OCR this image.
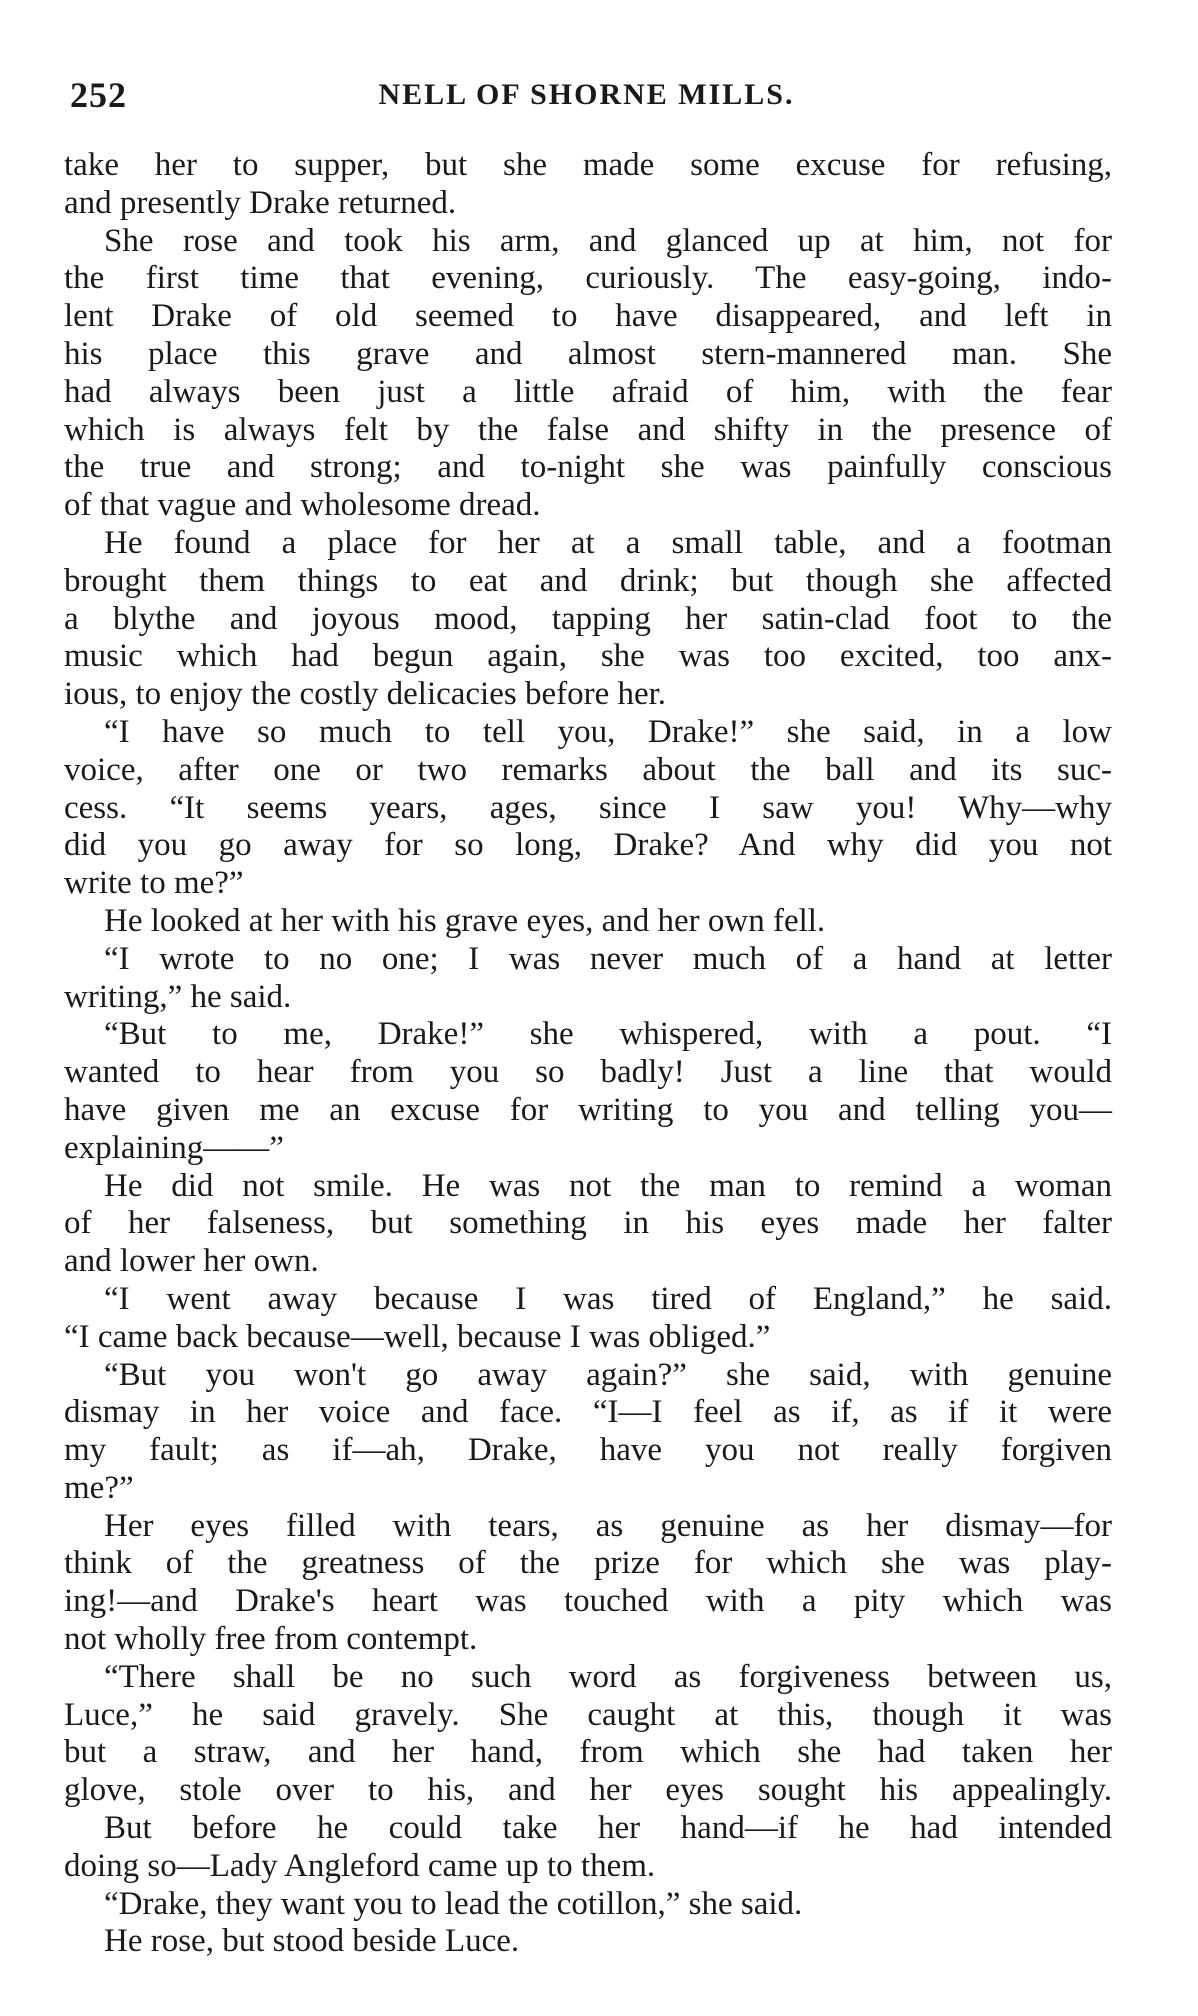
252	NELL OF SHORNE MILLS.
take her to supper, but she made some excuse for refusing,
and presently Drake returned.
She rose and took his arm, and glanced up at him, not for
the first time that evening, curiously. The easy-going, indo-
lent Drake of old seemed to have disappeared, and left in
his place this grave and almost stern-mannered man. She
had always been just a little afraid of him, with the fear
which is always felt by the false and shifty in the presence of
the true and strong; and to-night she was painfully conscious
of that vague and wholesome dread.
He found a place for her at a small table, and a footman
brought them things to eat and drink; but though she affected
a blythe and joyous mood, tapping her satin-clad foot to the
music which had begun again, she was too excited, too anx-
ious, to enjoy the costly delicacies before her.
“I have so much to tell you, Drake!” she said, in a low
voice, after one or two remarks about the ball and its suc-
cess. “It seems years, ages, since I saw you! Why—why
did you go away for so long, Drake? And why did you not
write to me?”
He looked at her with his grave eyes, and her own fell.
“I wrote to no one; I was never much of a hand at letter
writing,” he said.
“But to me, Drake!” she whispered, with a pout. “I
wanted to hear from you so badly! Just a line that would
have given me an excuse for writing to you and telling you—
explaining——”
He did not smile. He was not the man to remind a woman
of her falseness, but something in his eyes made her falter
and lower her own.
“I went away because I was tired of England,” he said.
“I came back because—well, because I was obliged.”
“But you won't go away again?” she said, with genuine
dismay in her voice and face. “I—I feel as if, as if it were
my fault; as if—ah, Drake, have you not really forgiven
me?”
Her eyes filled with tears, as genuine as her dismay—for
think of the greatness of the prize for which she was play-
ing!—and Drake's heart was touched with a pity which was
not wholly free from contempt.
“There shall be no such word as forgiveness between us,
Luce,” he said gravely. She caught at this, though it was
but a straw, and her hand, from which she had taken her
glove, stole over to his, and her eyes sought his appealingly.
But before he could take her hand—if he had intended
doing so—Lady Angleford came up to them.
“Drake, they want you to lead the cotillon,” she said.
He rose, but stood beside Luce.
